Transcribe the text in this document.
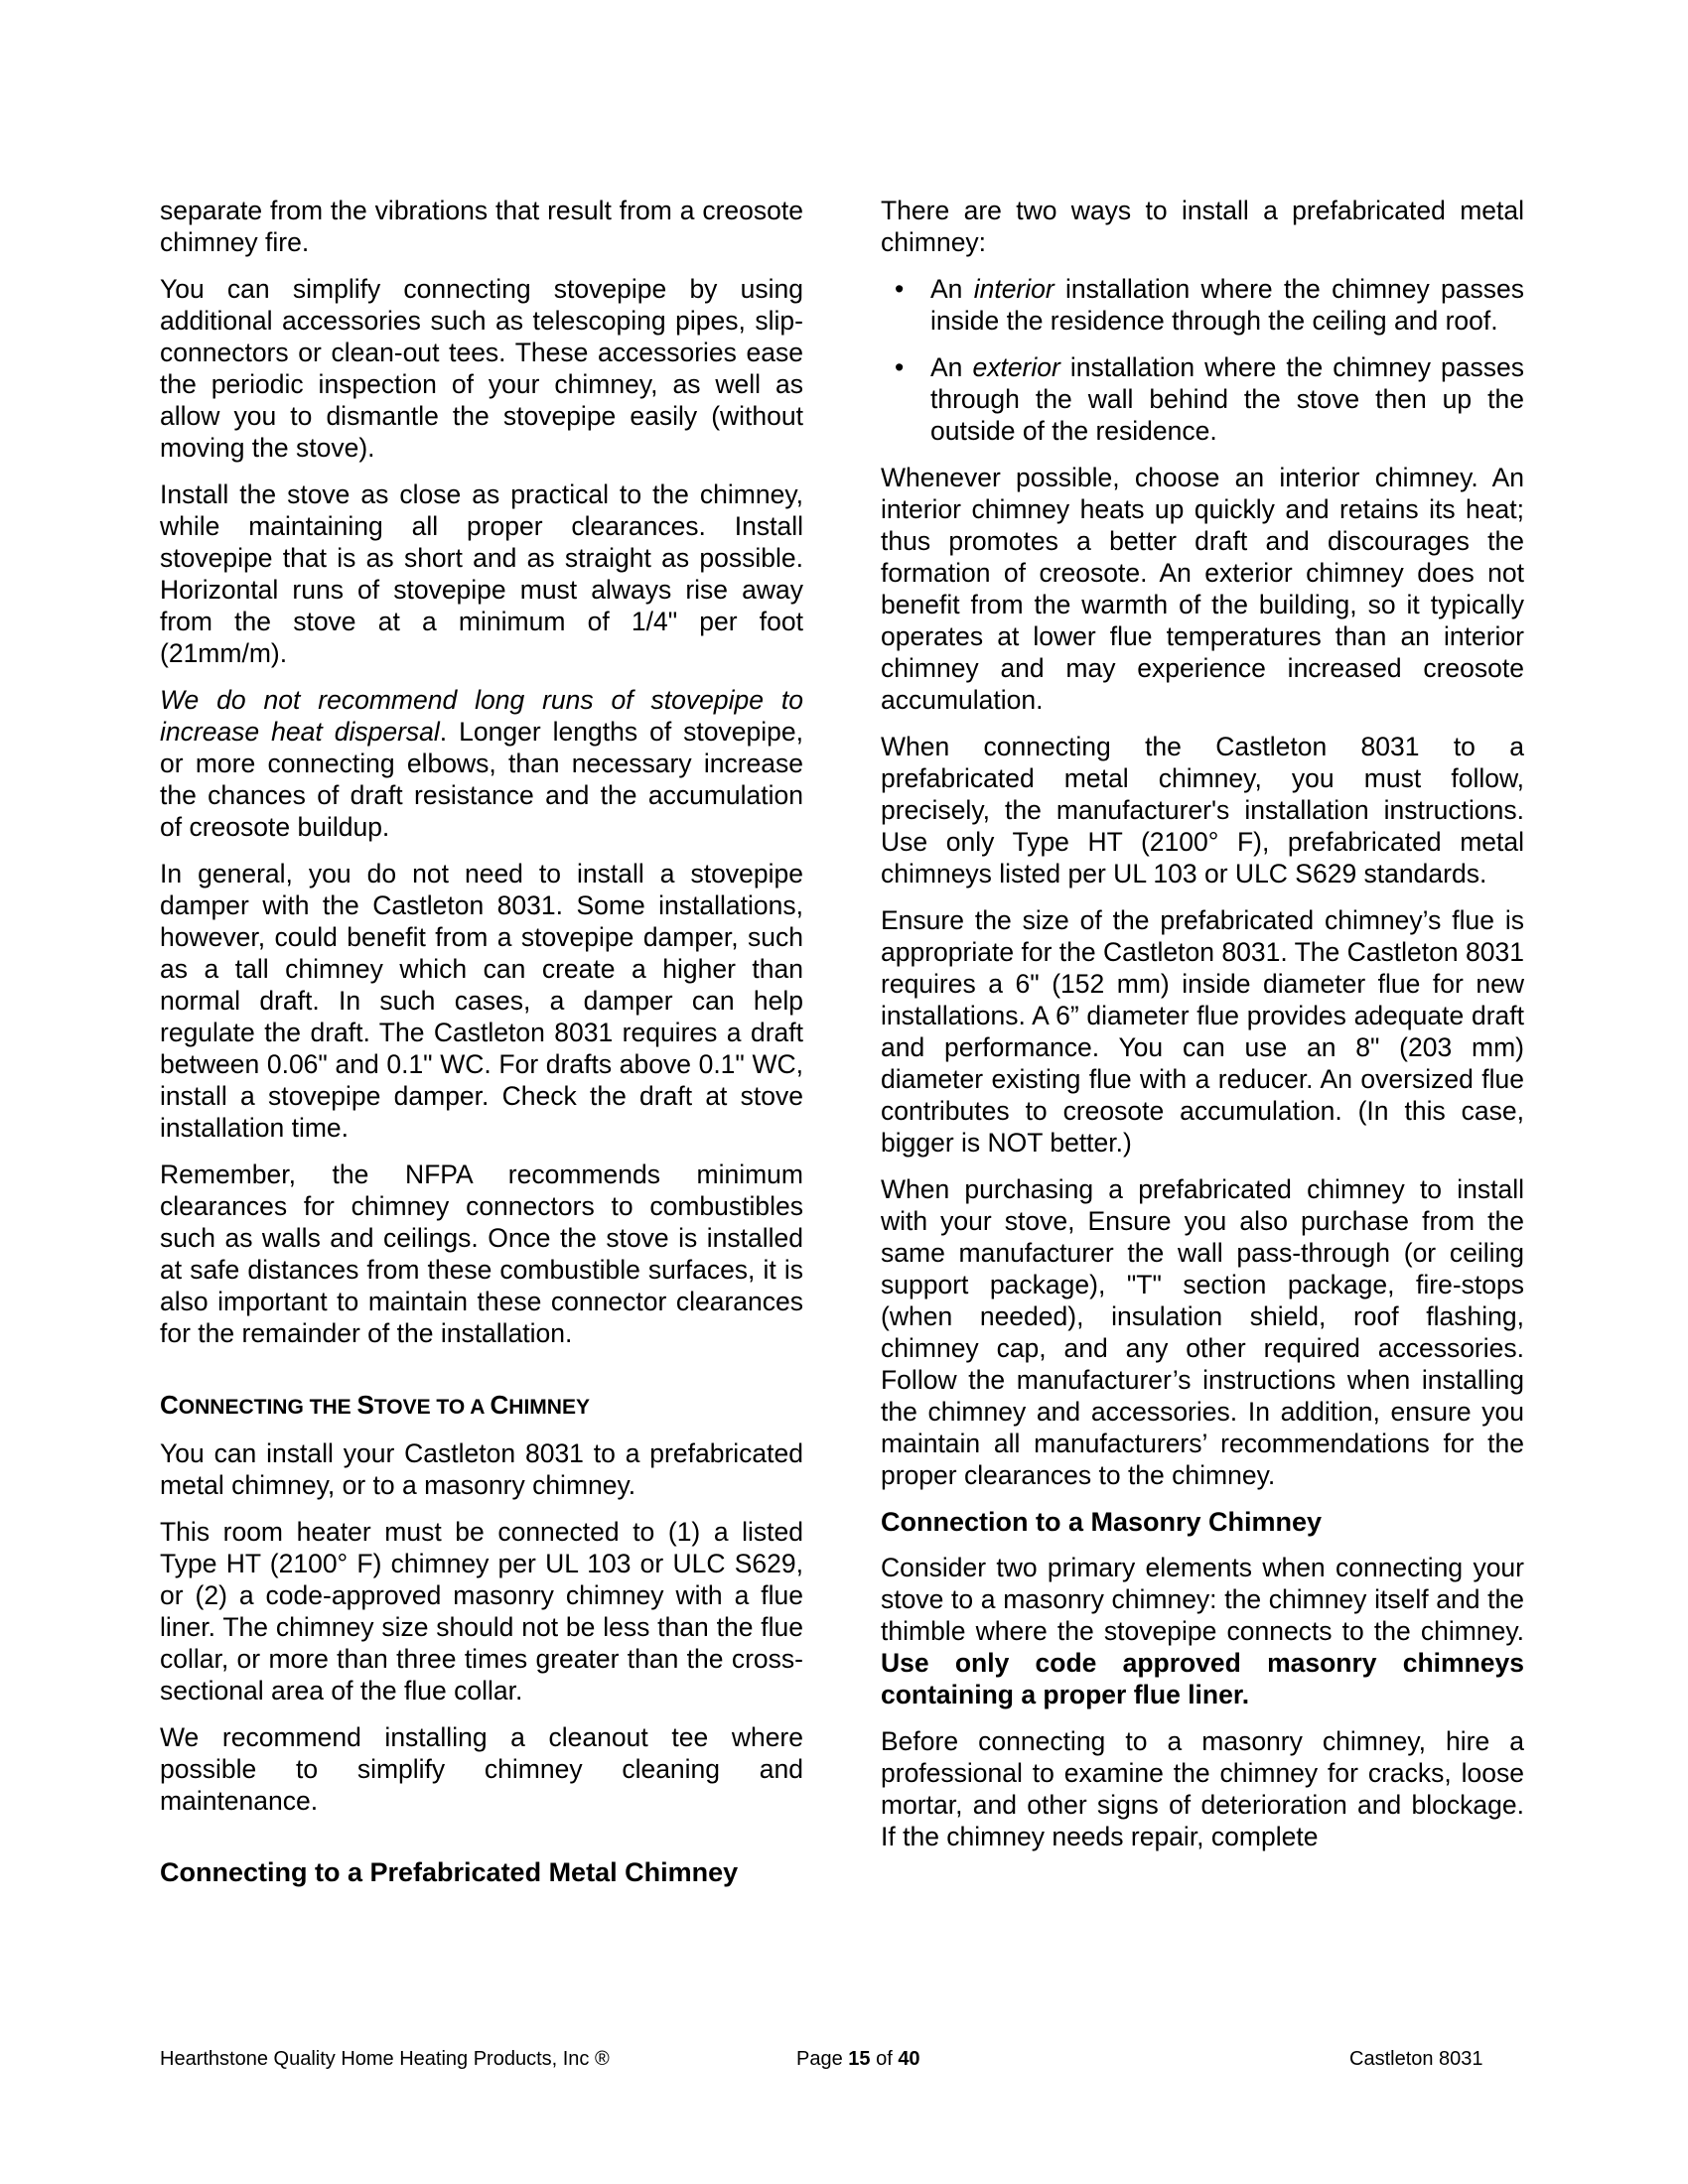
separate from the vibrations that result from a creosote chimney fire.

You can simplify connecting stovepipe by using additional accessories such as telescoping pipes, slip-connectors or clean-out tees. These accessories ease the periodic inspection of your chimney, as well as allow you to dismantle the stovepipe easily (without moving the stove).

Install the stove as close as practical to the chimney, while maintaining all proper clearances. Install stovepipe that is as short and as straight as possible. Horizontal runs of stovepipe must always rise away from the stove at a minimum of 1/4" per foot (21mm/m).

We do not recommend long runs of stovepipe to increase heat dispersal. Longer lengths of stovepipe, or more connecting elbows, than necessary increase the chances of draft resistance and the accumulation of creosote buildup.

In general, you do not need to install a stovepipe damper with the Castleton 8031. Some installations, however, could benefit from a stovepipe damper, such as a tall chimney which can create a higher than normal draft. In such cases, a damper can help regulate the draft. The Castleton 8031 requires a draft between 0.06" and 0.1" WC. For drafts above 0.1" WC, install a stovepipe damper. Check the draft at stove installation time.

Remember, the NFPA recommends minimum clearances for chimney connectors to combustibles such as walls and ceilings. Once the stove is installed at safe distances from these combustible surfaces, it is also important to maintain these connector clearances for the remainder of the installation.

CONNECTING THE STOVE TO A CHIMNEY

You can install your Castleton 8031 to a prefabricated metal chimney, or to a masonry chimney.

This room heater must be connected to (1) a listed Type HT (2100° F) chimney per UL 103 or ULC S629, or (2) a code-approved masonry chimney with a flue liner. The chimney size should not be less than the flue collar, or more than three times greater than the cross-sectional area of the flue collar.

We recommend installing a cleanout tee where possible to simplify chimney cleaning and maintenance.

Connecting to a Prefabricated Metal Chimney

There are two ways to install a prefabricated metal chimney:

• An interior installation where the chimney passes inside the residence through the ceiling and roof.
• An exterior installation where the chimney passes through the wall behind the stove then up the outside of the residence.

Whenever possible, choose an interior chimney. An interior chimney heats up quickly and retains its heat; thus promotes a better draft and discourages the formation of creosote. An exterior chimney does not benefit from the warmth of the building, so it typically operates at lower flue temperatures than an interior chimney and may experience increased creosote accumulation.

When connecting the Castleton 8031 to a prefabricated metal chimney, you must follow, precisely, the manufacturer's installation instructions. Use only Type HT (2100° F), prefabricated metal chimneys listed per UL 103 or ULC S629 standards.

Ensure the size of the prefabricated chimney’s flue is appropriate for the Castleton 8031. The Castleton 8031 requires a 6" (152 mm) inside diameter flue for new installations. A 6” diameter flue provides adequate draft and performance. You can use an 8" (203 mm) diameter existing flue with a reducer. An oversized flue contributes to creosote accumulation. (In this case, bigger is NOT better.)

When purchasing a prefabricated chimney to install with your stove, Ensure you also purchase from the same manufacturer the wall pass-through (or ceiling support package), "T" section package, fire-stops (when needed), insulation shield, roof flashing, chimney cap, and any other required accessories. Follow the manufacturer’s instructions when installing the chimney and accessories. In addition, ensure you maintain all manufacturers’ recommendations for the proper clearances to the chimney.

Connection to a Masonry Chimney

Consider two primary elements when connecting your stove to a masonry chimney: the chimney itself and the thimble where the stovepipe connects to the chimney. Use only code approved masonry chimneys containing a proper flue liner.

Before connecting to a masonry chimney, hire a professional to examine the chimney for cracks, loose mortar, and other signs of deterioration and blockage. If the chimney needs repair, complete

Hearthstone Quality Home Heating Products, Inc ®	Page 15 of 40	Castleton 8031
